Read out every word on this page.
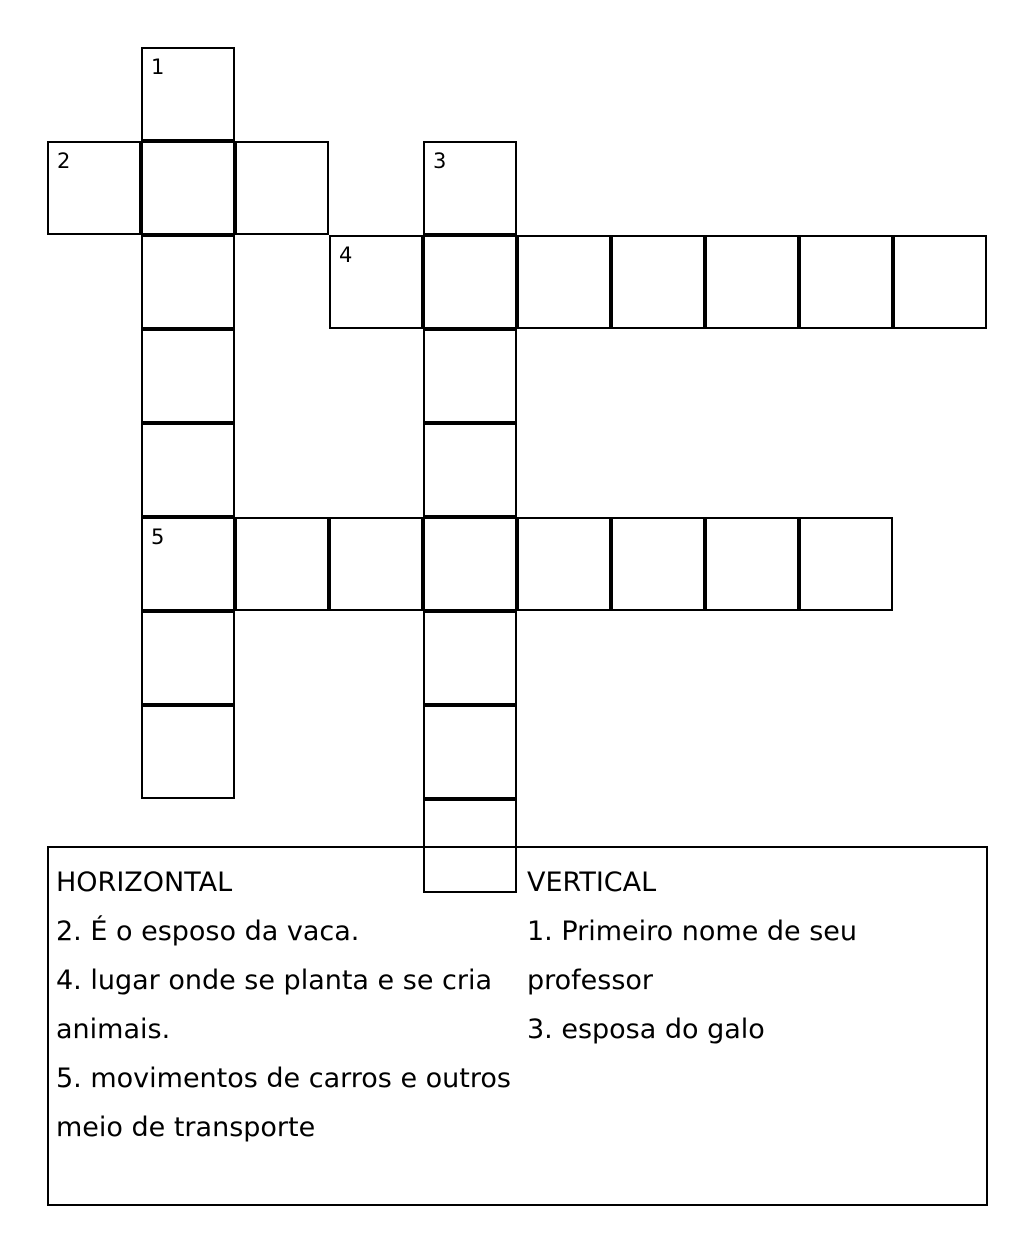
1
5
2	3
4
HORIZONTAL
2. É o esposo da vaca.
4. lugar onde se planta e se cria
animais.
5. movimentos de carros e outros
meio de transporte
VERTICAL
1. Primeiro nome de seu
professor
3. esposa do galo
